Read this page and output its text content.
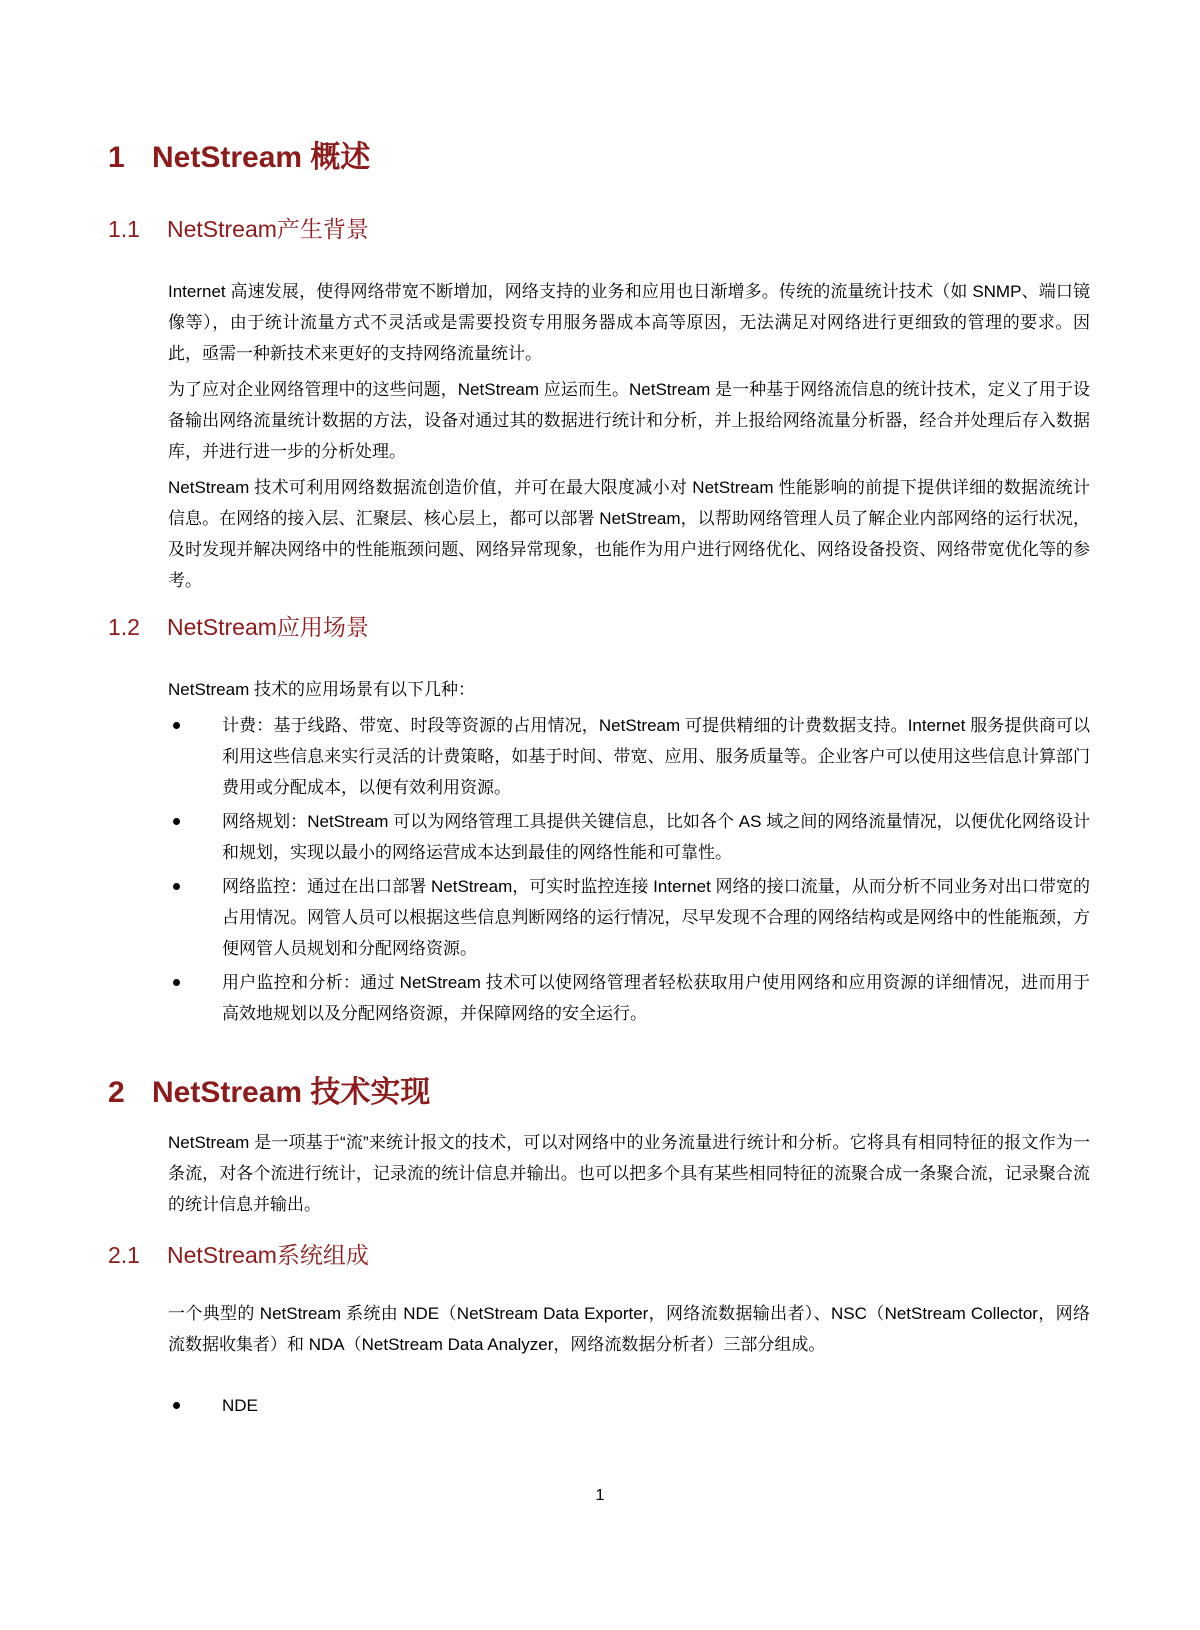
1 NetStream 概述
1.1	NetStream产生背景

Internet 高速发展，使得网络带宽不断增加，网络支持的业务和应用也日渐增多。传统的流量统计技术（如 SNMP、端口镜像等），由于统计流量方式不灵活或是需要投资专用服务器成本高等原因，无法满足对网络进行更细致的管理的要求。因此，亟需一种新技术来更好的支持网络流量统计。

为了应对企业网络管理中的这些问题，NetStream 应运而生。NetStream 是一种基于网络流信息的统计技术，定义了用于设备输出网络流量统计数据的方法，设备对通过其的数据进行统计和分析，并上报给网络流量分析器，经合并处理后存入数据库，并进行进一步的分析处理。

NetStream 技术可利用网络数据流创造价值，并可在最大限度减小对 NetStream 性能影响的前提下提供详细的数据流统计信息。在网络的接入层、汇聚层、核心层上，都可以部署 NetStream，以帮助网络管理人员了解企业内部网络的运行状况，及时发现并解决网络中的性能瓶颈问题、网络异常现象，也能作为用户进行网络优化、网络设备投资、网络带宽优化等的参考。

1.2	NetStream应用场景

NetStream 技术的应用场景有以下几种：

计费：基于线路、带宽、时段等资源的占用情况，NetStream 可提供精细的计费数据支持。Internet 服务提供商可以利用这些信息来实行灵活的计费策略，如基于时间、带宽、应用、服务质量等。企业客户可以使用这些信息计算部门费用或分配成本，以便有效利用资源。
网络规划：NetStream 可以为网络管理工具提供关键信息，比如各个 AS 域之间的网络流量情况，以便优化网络设计和规划，实现以最小的网络运营成本达到最佳的网络性能和可靠性。
网络监控：通过在出口部署 NetStream，可实时监控连接 Internet 网络的接口流量，从而分析不同业务对出口带宽的占用情况。网管人员可以根据这些信息判断网络的运行情况，尽早发现不合理的网络结构或是网络中的性能瓶颈，方便网管人员规划和分配网络资源。
用户监控和分析：通过 NetStream 技术可以使网络管理者轻松获取用户使用网络和应用资源的详细情况，进而用于高效地规划以及分配网络资源，并保障网络的安全运行。
2 NetStream 技术实现

NetStream 是一项基于“流”来统计报文的技术，可以对网络中的业务流量进行统计和分析。它将具有相同特征的报文作为一条流，对各个流进行统计，记录流的统计信息并输出。也可以把多个具有某些相同特征的流聚合成一条聚合流，记录聚合流的统计信息并输出。

2.1	NetStream系统组成

一个典型的 NetStream 系统由 NDE（NetStream Data Exporter，网络流数据输出者）、NSC（NetStream Collector，网络流数据收集者）和 NDA（NetStream Data Analyzer，网络流数据分析者）三部分组成。

NDE
1
